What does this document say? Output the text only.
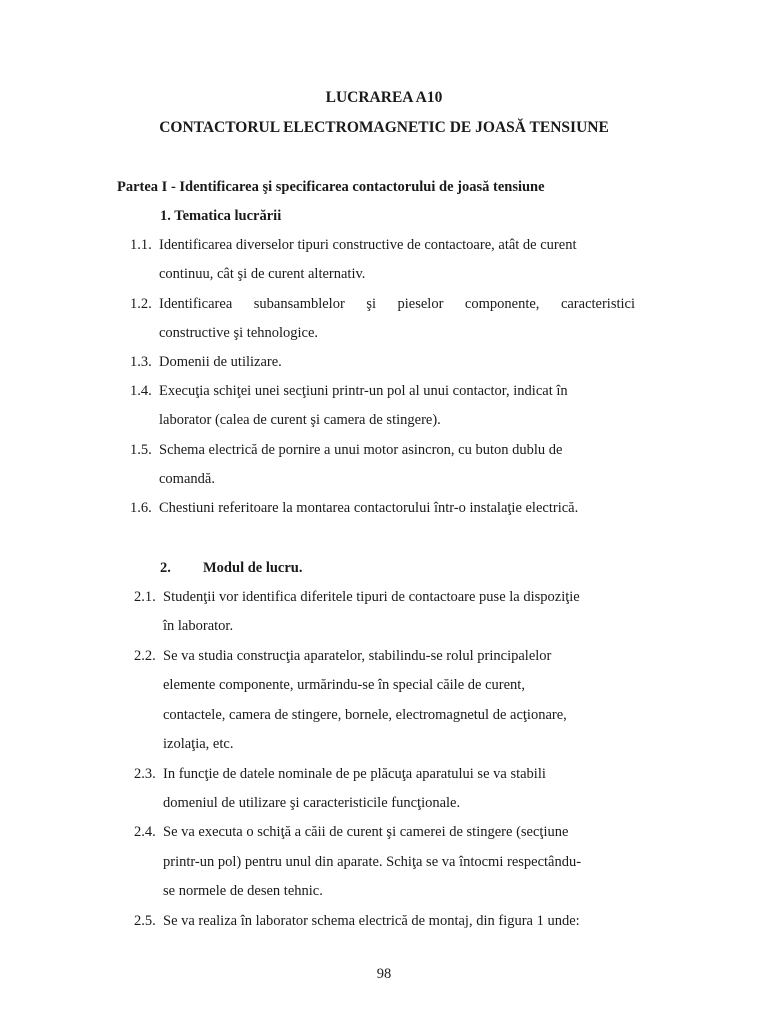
LUCRAREA A10
CONTACTORUL ELECTROMAGNETIC DE JOASĂ TENSIUNE
Partea I - Identificarea şi specificarea contactorului de joasă tensiune
1. Tematica lucrării
1.1. Identificarea diverselor tipuri constructive de contactoare, atât de curent
continuu, cât şi de curent alternativ.
1.2. Identificarea subansamblelor şi pieselor componente, caracteristici
constructive şi tehnologice.
1.3. Domenii de utilizare.
1.4. Execuţia schiţei unei secţiuni printr-un pol al unui contactor, indicat în
laborator (calea de curent şi camera de stingere).
1.5. Schema electrică de pornire a unui motor asincron, cu buton dublu de
comandă.
1.6. Chestiuni referitoare la montarea contactorului într-o instalaţie electrică.
2. Modul de lucru.
2.1. Studenţii vor identifica diferitele tipuri de contactoare puse la dispoziţie
în laborator.
2.2. Se va studia construcţia aparatelor, stabilindu-se rolul principalelor
elemente componente, urmărindu-se în special căile de curent,
contactele, camera de stingere, bornele, electromagnetul de acţionare,
izolaţia, etc.
2.3. In funcţie de datele nominale de pe plăcuţa aparatului se va stabili
domeniul de utilizare şi caracteristicile funcţionale.
2.4. Se va executa o schiţă a căii de curent şi camerei de stingere (secţiune
printr-un pol) pentru unul din aparate. Schiţa se va întocmi respectându-
se normele de desen tehnic.
2.5. Se va realiza în laborator schema electrică de montaj, din figura 1 unde:
98
